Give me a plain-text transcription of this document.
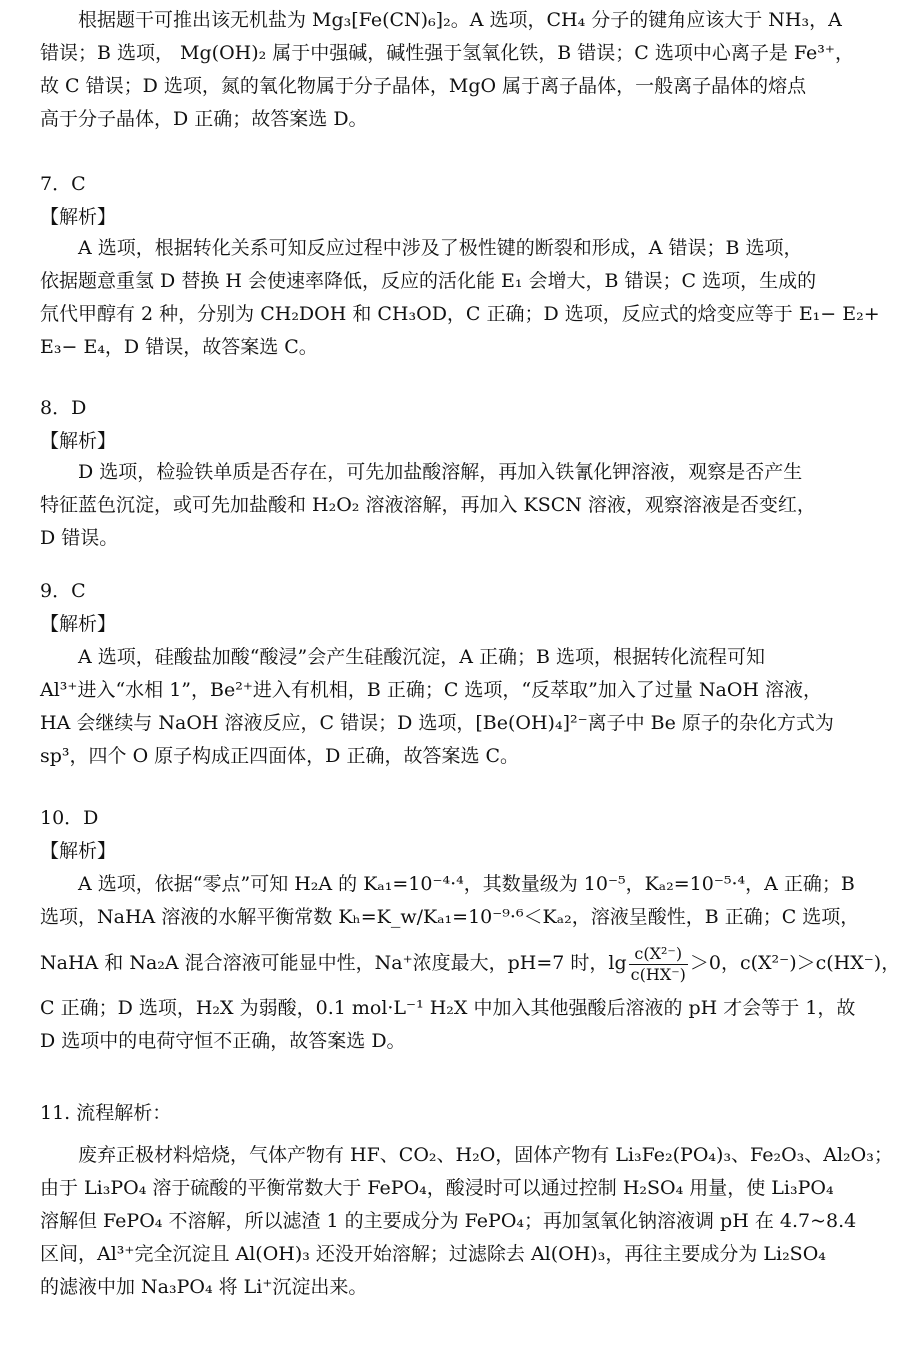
根据题干可推出该无机盐为 Mg₃[Fe(CN)₆]₂。A 选项，CH₄ 分子的键角应该大于 NH₃，A
错误；B 选项， Mg(OH)₂ 属于中强碱，碱性强于氢氧化铁，B 错误；C 选项中心离子是 Fe³⁺，
故 C 错误；D 选项，氮的氧化物属于分子晶体，MgO 属于离子晶体，一般离子晶体的熔点
高于分子晶体，D 正确；故答案选 D。
7．C
【解析】
A 选项，根据转化关系可知反应过程中涉及了极性键的断裂和形成，A 错误；B 选项，
依据题意重氢 D 替换 H 会使速率降低，反应的活化能 E₁ 会增大，B 错误；C 选项，生成的
氘代甲醇有 2 种，分别为 CH₂DOH 和 CH₃OD，C 正确；D 选项，反应式的焓变应等于 E₁− E₂+
E₃− E₄，D 错误，故答案选 C。
8．D
【解析】
D 选项，检验铁单质是否存在，可先加盐酸溶解，再加入铁氰化钾溶液，观察是否产生
特征蓝色沉淀，或可先加盐酸和 H₂O₂ 溶液溶解，再加入 KSCN 溶液，观察溶液是否变红，
D 错误。
9．C
【解析】
A 选项，硅酸盐加酸“酸浸”会产生硅酸沉淀，A 正确；B 选项，根据转化流程可知
Al³⁺进入“水相 1”，Be²⁺进入有机相，B 正确；C 选项，“反萃取”加入了过量 NaOH 溶液，
HA 会继续与 NaOH 溶液反应，C 错误；D 选项，[Be(OH)₄]²⁻离子中 Be 原子的杂化方式为
sp³，四个 O 原子构成正四面体，D 正确，故答案选 C。
10．D
【解析】
A 选项，依据“零点”可知 H₂A 的 Kₐ₁=10⁻⁴·⁴，其数量级为 10⁻⁵，Kₐ₂=10⁻⁵·⁴，A 正确；B
选项，NaHA 溶液的水解平衡常数 Kₕ=K_w/Kₐ₁=10⁻⁹·⁶＜Kₐ₂，溶液呈酸性，B 正确；C 选项，
NaHA 和 Na₂A 混合溶液可能显中性，Na⁺浓度最大，pH=7 时，$\lg \frac{\text{c(X²⁻)}}{c(HX^-)} >0$，c(X²⁻)＞c(HX⁻)，
C 正确；D 选项，H₂X 为弱酸，0.1 mol·L⁻¹ H₂X 中加入其他强酸后溶液的 pH 才会等于 1，故
D 选项中的电荷守恒不正确，故答案选 D。
11. 流程解析：
废弃正极材料焙烧，气体产物有 HF、CO₂、H₂O，固体产物有 Li₃Fe₂(PO₄)₃、Fe₂O₃、Al₂O₃；
由于 Li₃PO₄ 溶于硫酸的平衡常数大于 FePO₄，酸浸时可以通过控制 H₂SO₄ 用量，使 Li₃PO₄
溶解但 FePO₄ 不溶解，所以滤渣 1 的主要成分为 FePO₄；再加氢氧化钠溶液调 pH 在 4.7~8.4
区间，Al³⁺完全沉淀且 Al(OH)₃ 还没开始溶解；过滤除去 Al(OH)₃，再往主要成分为 Li₂SO₄
的滤液中加 Na₃PO₄ 将 Li⁺沉淀出来。
